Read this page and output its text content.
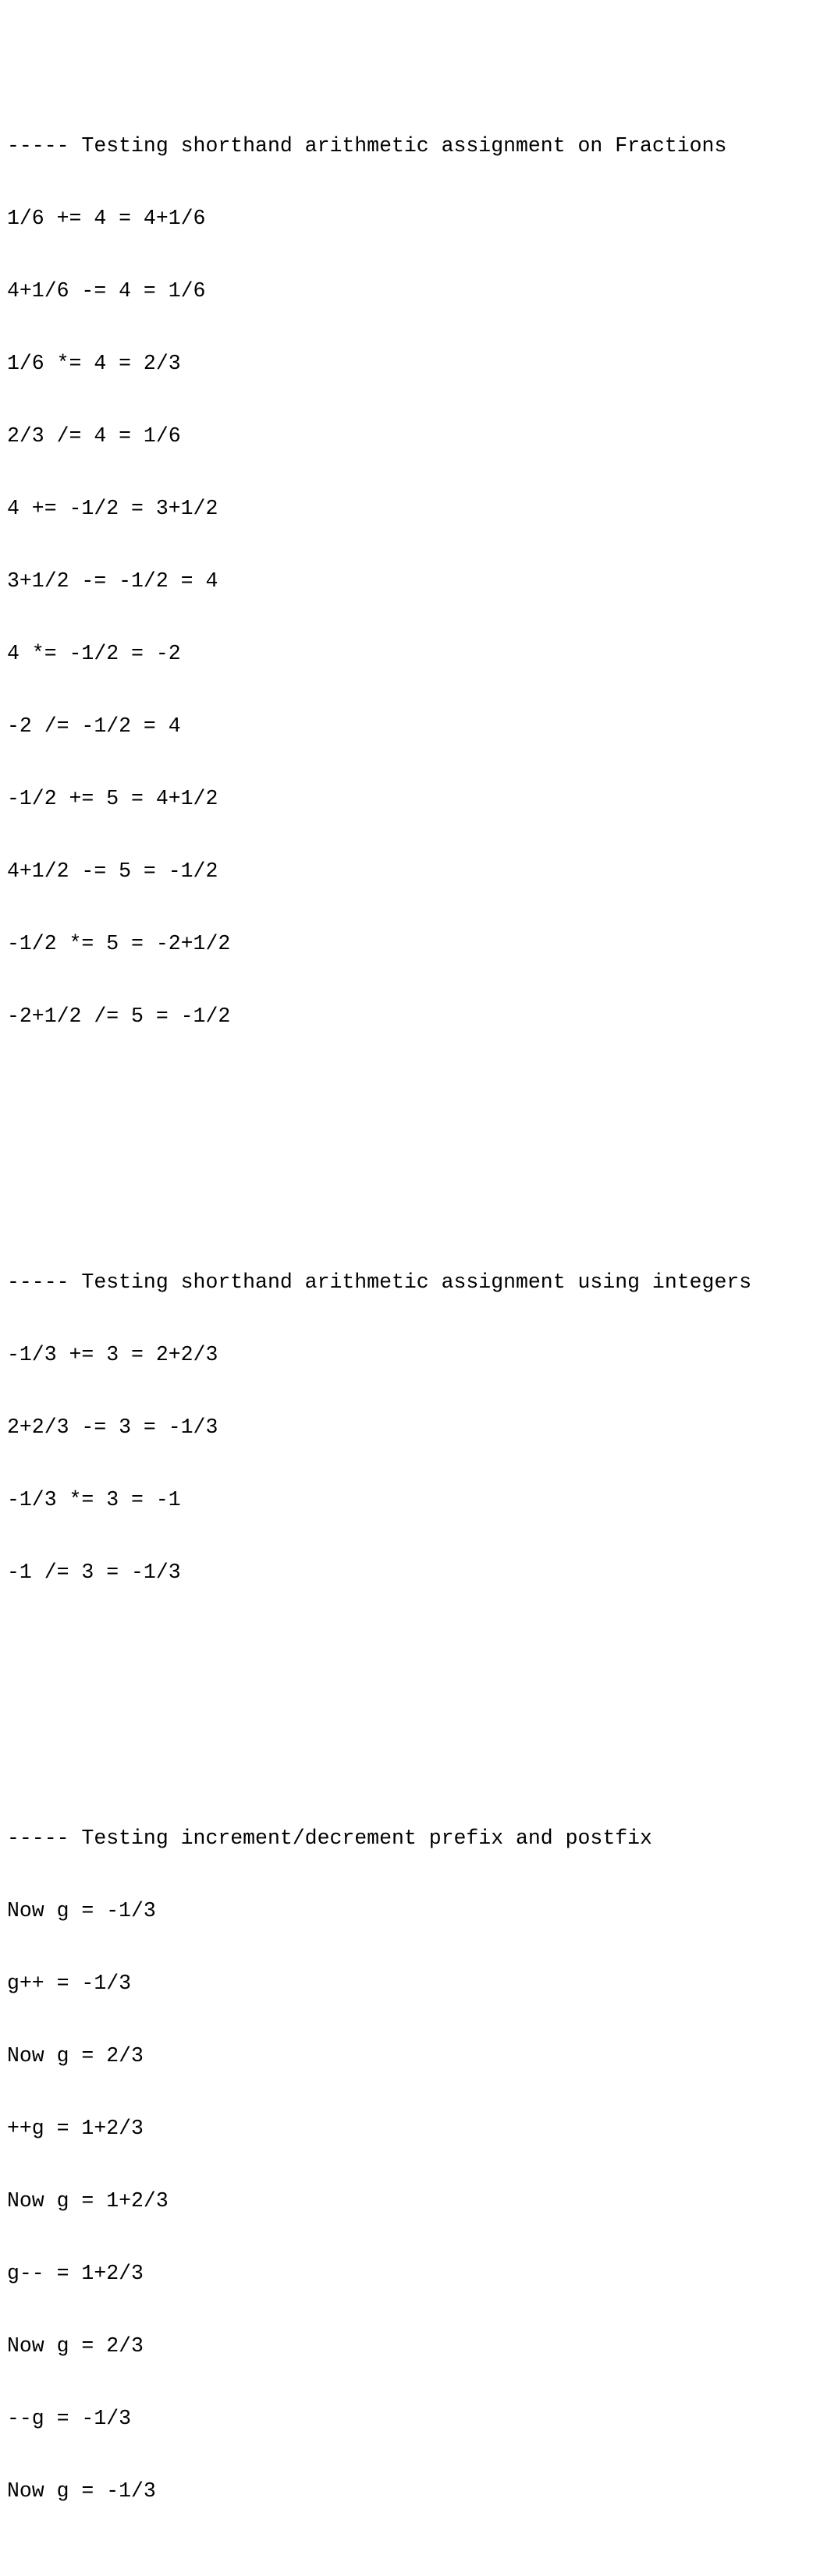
----- Testing shorthand arithmetic assignment on Fractions

1/6 += 4 = 4+1/6

4+1/6 -= 4 = 1/6

1/6 *= 4 = 2/3

2/3 /= 4 = 1/6

4 += -1/2 = 3+1/2

3+1/2 -= -1/2 = 4

4 *= -1/2 = -2

-2 /= -1/2 = 4

-1/2 += 5 = 4+1/2

4+1/2 -= 5 = -1/2

-1/2 *= 5 = -2+1/2

-2+1/2 /= 5 = -1/2

----- Testing shorthand arithmetic assignment using integers

-1/3 += 3 = 2+2/3

2+2/3 -= 3 = -1/3

-1/3 *= 3 = -1

-1 /= 3 = -1/3

----- Testing increment/decrement prefix and postfix

Now g = -1/3

g++ = -1/3

Now g = 2/3

++g = 1+2/3

Now g = 1+2/3

g-- = 1+2/3

Now g = 2/3

--g = -1/3

Now g = -1/3
